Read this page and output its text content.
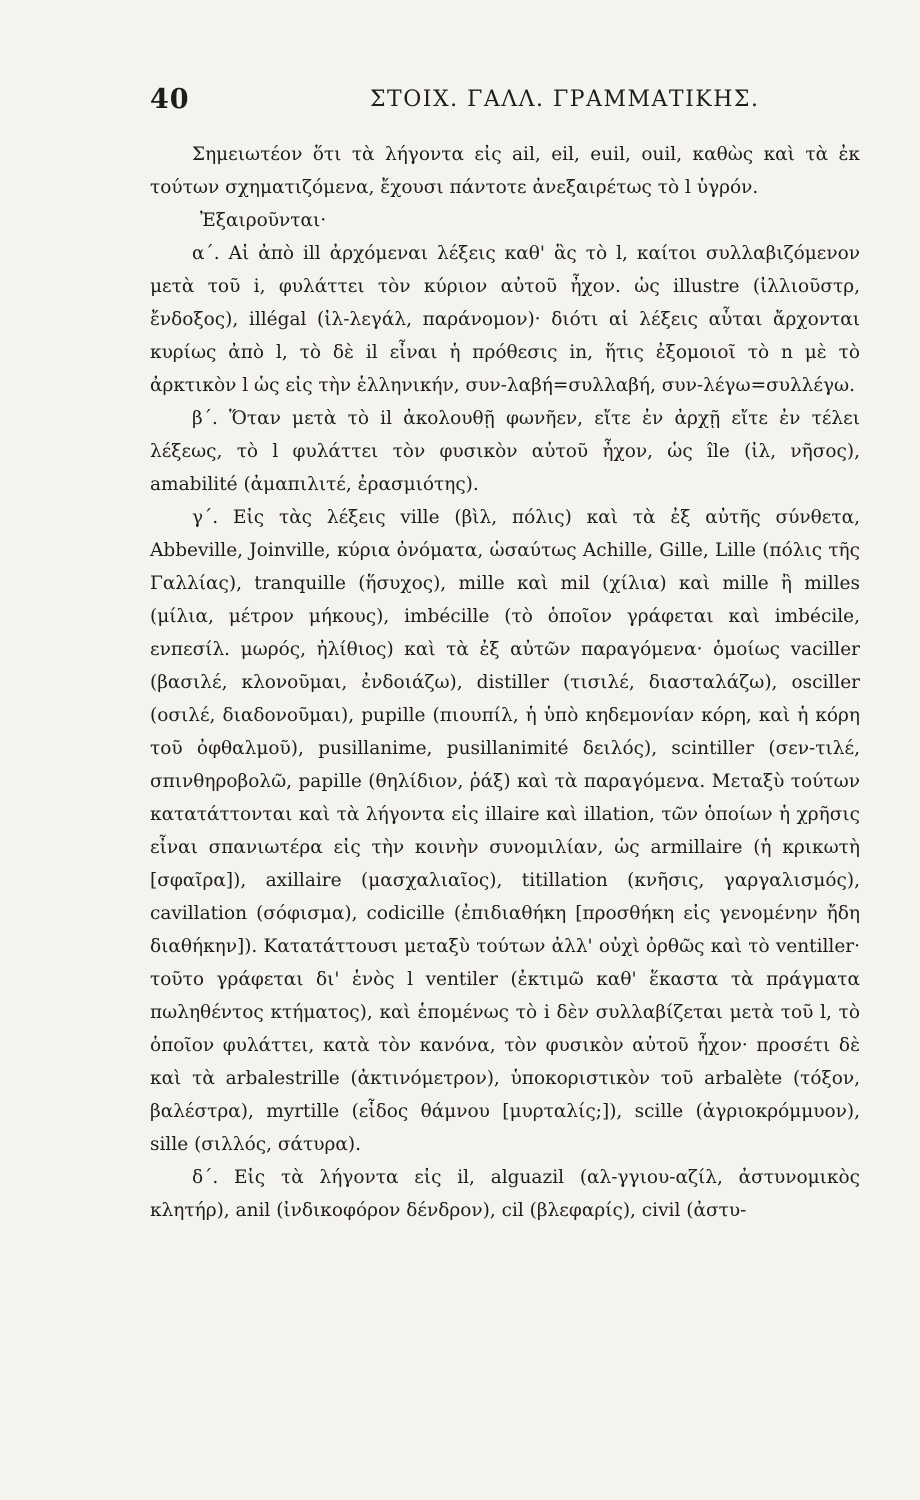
40	ΣΤΟΙΧ. ΓΑΛΛ. ΓΡΑΜΜΑΤΙΚΗΣ.

Σημειωτέον ὅτι τὰ λήγοντα εἰς ail, eil, euil, ouil, καθὼς καὶ τὰ ἐκ τούτων σχηματιζόμενα, ἔχουσι πάντοτε ἀνεξαιρέτως τὸ l ὑγρόν.

Ἐξαιροῦνται·

α΄. Αἱ ἀπὸ ill ἀρχόμεναι λέξεις καθ' ἃς τὸ l, καίτοι συλλαβιζόμενον μετὰ τοῦ i, φυλάττει τὸν κύριον αὐτοῦ ἦχον. ὡς illustre (ἰλλιοῦστρ, ἔνδοξος), illégal (ἰλ-λεγάλ, παράνομον)· διότι αἱ λέξεις αὗται ἄρχονται κυρίως ἀπὸ l, τὸ δὲ il εἶναι ἡ πρόθεσις in, ἥτις ἐξομοιοῖ τὸ n μὲ τὸ ἀρκτικὸν l ὡς εἰς τὴν ἑλληνικήν, συν-λαβή=συλλαβή, συν-λέγω=συλλέγω.

β΄. Ὅταν μετὰ τὸ il ἀκολουθῇ φωνῆεν, εἴτε ἐν ἀρχῇ εἴτε ἐν τέλει λέξεως, τὸ l φυλάττει τὸν φυσικὸν αὐτοῦ ἦχον, ὡς île (ἰλ, νῆσος), amabilité (ἀμαπιλιτέ, ἐρασμιότης).

γ΄. Εἰς τὰς λέξεις ville (βὶλ, πόλις) καὶ τὰ ἐξ αὐτῆς σύνθετα, Abbeville, Joinville, κύρια ὀνόματα, ὡσαύτως Achille, Gille, Lille (πόλις τῆς Γαλλίας), tranquille (ἥσυχος), mille καὶ mil (χίλια) καὶ mille ἢ milles (μίλια, μέτρον μήκους), imbécille (τὸ ὁποῖον γράφεται καὶ imbécile, ενπεσίλ. μωρός, ἠλίθιος) καὶ τὰ ἐξ αὐτῶν παραγόμενα· ὁμοίως vaciller (βασιλέ, κλονοῦμαι, ἐνδοιάζω), distiller (τισιλέ, διασταλάζω), osciller (οσιλέ, διαδονοῦμαι), pupille (πιουπίλ, ἡ ὑπὸ κηδεμονίαν κόρη, καὶ ἡ κόρη τοῦ ὀφθαλμοῦ), pusillanime, pusillanimité δειλός), scintiller (σεν-τιλέ, σπινθηροβολῶ, papille (θηλίδιον, ῥάξ) καὶ τὰ παραγόμενα. Μεταξὺ τούτων κατατάττονται καὶ τὰ λήγοντα εἰς illaire καὶ illation, τῶν ὁποίων ἡ χρῆσις εἶναι σπανιωτέρα εἰς τὴν κοινὴν συνομιλίαν, ὡς armillaire (ἡ κρικωτὴ [σφαῖρα]), axillaire (μασχαλιαῖος), titillation (κνῆσις, γαργαλισμός), cavillation (σόφισμα), codicille (ἐπιδιαθήκη [προσθήκη εἰς γενομένην ἤδη διαθήκην]). Κατατάττουσι μεταξὺ τούτων ἀλλ' οὐχὶ ὀρθῶς καὶ τὸ ventiller· τοῦτο γράφεται δι' ἑνὸς l ventiler (ἐκτιμῶ καθ' ἕκαστα τὰ πράγματα πωληθέντος κτήματος), καὶ ἑπομένως τὸ i δὲν συλλαβίζεται μετὰ τοῦ l, τὸ ὁποῖον φυλάττει, κατὰ τὸν κανόνα, τὸν φυσικὸν αὐτοῦ ἦχον· προσέτι δὲ καὶ τὰ arbalestrille (ἀκτινόμετρον), ὑποκοριστικὸν τοῦ arbalète (τόξον, βαλέστρα), myrtille (εἶδος θάμνου [μυρταλίς;]), scille (ἀγριοκρόμμυον), sille (σιλλός, σάτυρα).

δ΄. Εἰς τὰ λήγοντα εἰς il, alguazil (αλ-γγιου-αζίλ, ἀστυνομικὸς κλητήρ), anil (ἰνδικοφόρον δένδρον), cil (βλεφαρίς), civil (ἀστυ-
